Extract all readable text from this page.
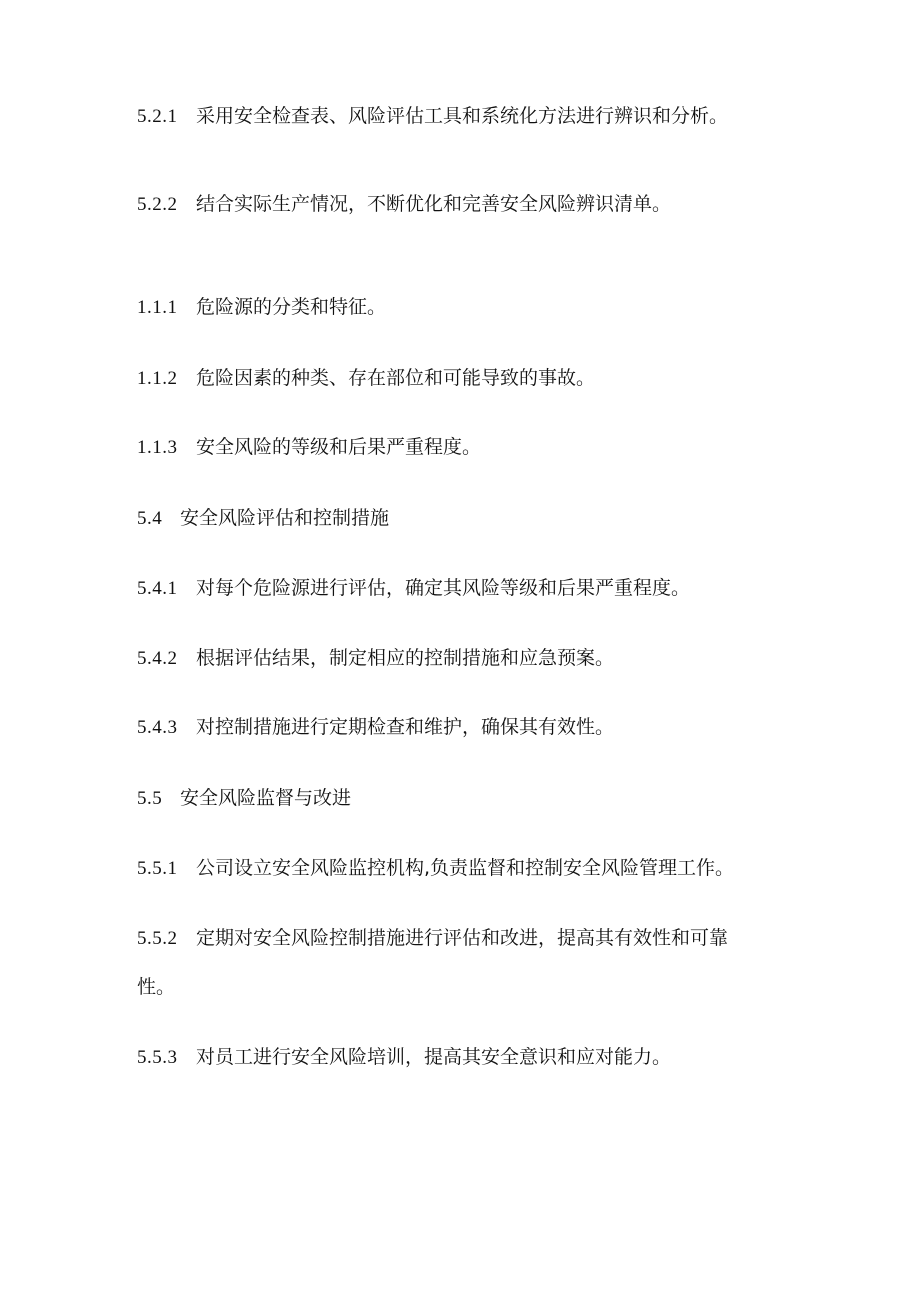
5.2.1 采用安全检查表、风险评估工具和系统化方法进行辨识和分析。
5.2.2 结合实际生产情况，不断优化和完善安全风险辨识清单。
1.1.1 危险源的分类和特征。
1.1.2 危险因素的种类、存在部位和可能导致的事故。
1.1.3 安全风险的等级和后果严重程度。
5.4 安全风险评估和控制措施
5.4.1 对每个危险源进行评估，确定其风险等级和后果严重程度。
5.4.2 根据评估结果，制定相应的控制措施和应急预案。
5.4.3 对控制措施进行定期检查和维护，确保其有效性。
5.5 安全风险监督与改进
5.5.1 公司设立安全风险监控机构,负责监督和控制安全风险管理工作。
5.5.2 定期对安全风险控制措施进行评估和改进，提高其有效性和可靠
性。
5.5.3 对员工进行安全风险培训，提高其安全意识和应对能力。
